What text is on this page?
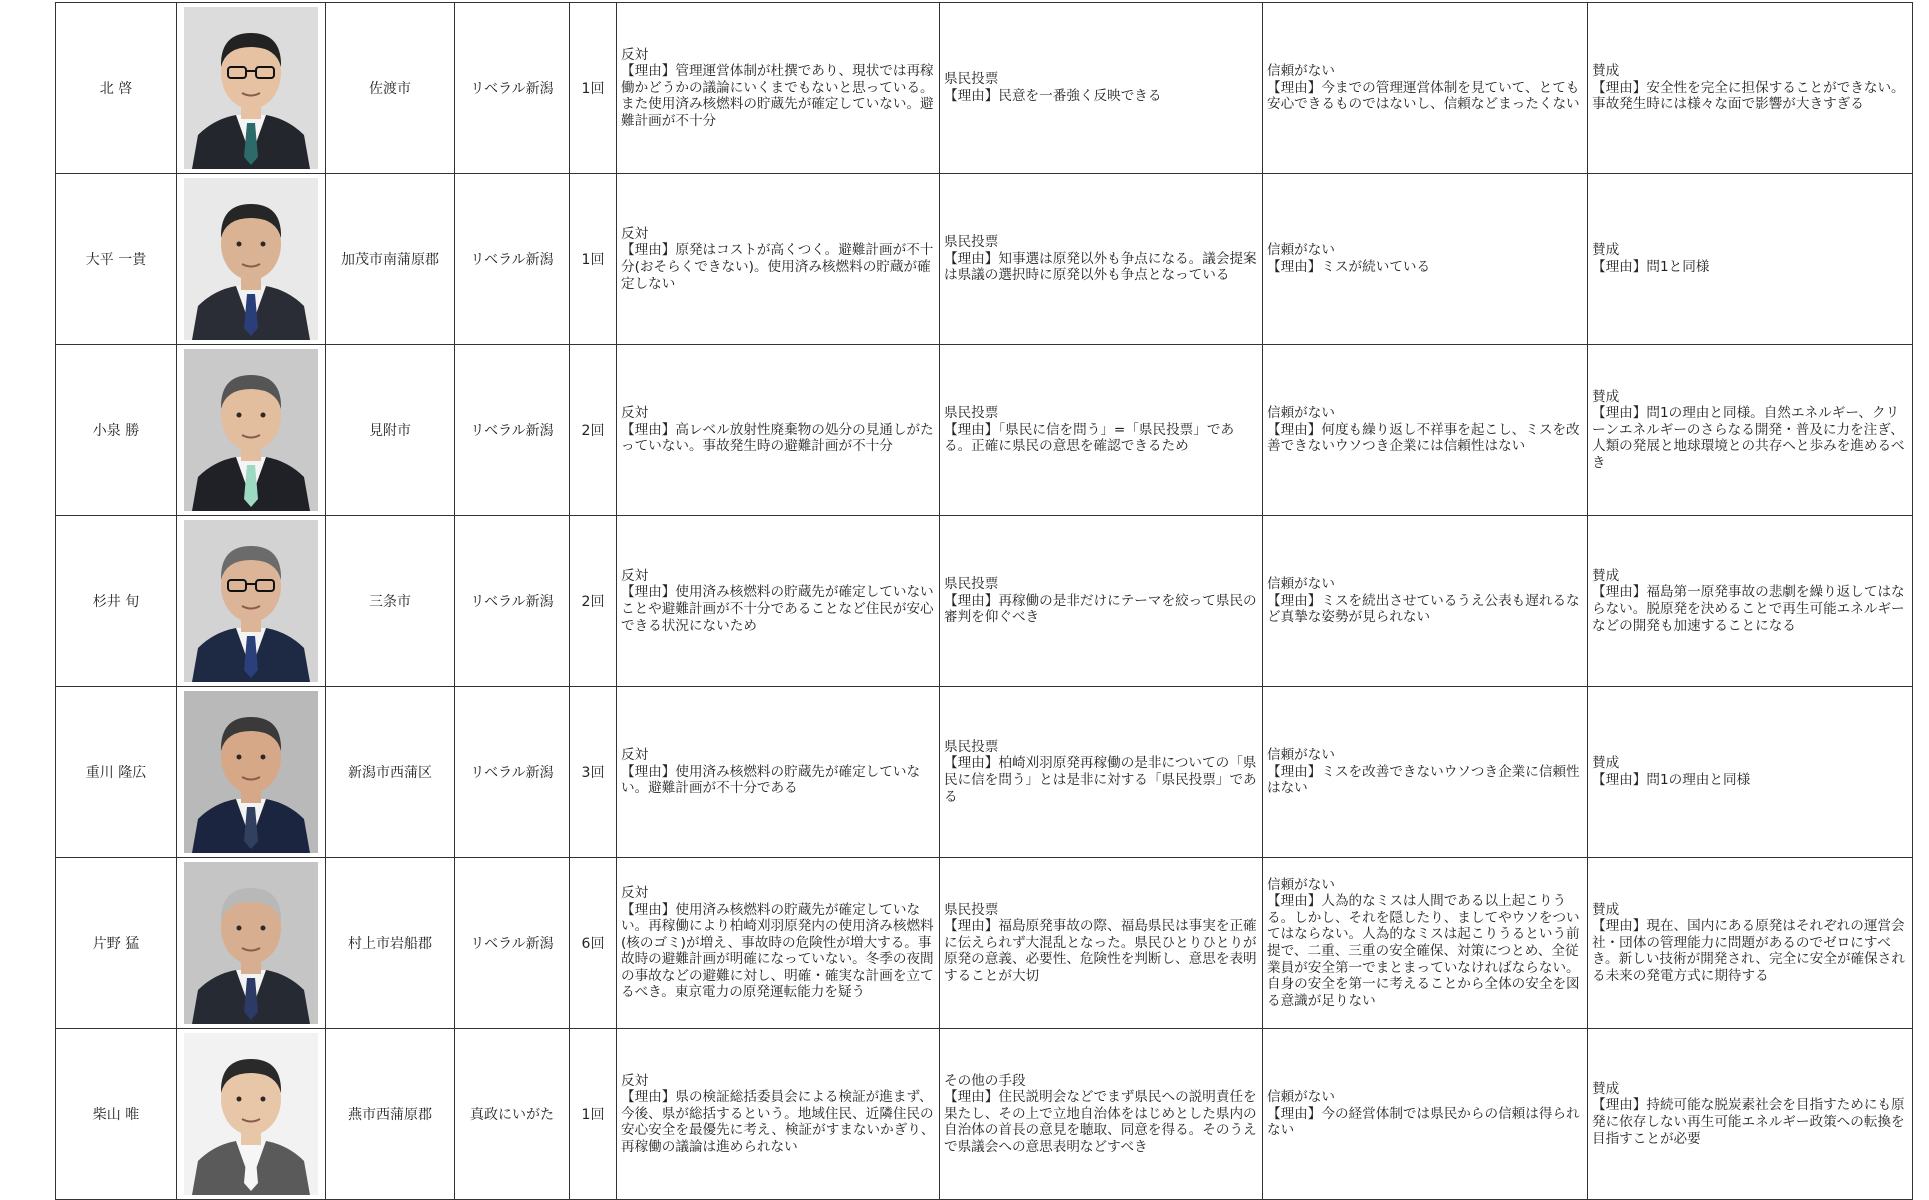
北 啓		佐渡市	リベラル新潟	1回	反対
【理由】管理運営体制が杜撰であり、現状では再稼働かどうかの議論にいくまでもないと思っている。また使用済み核燃料の貯蔵先が確定していない。避難計画が不十分	県民投票
【理由】民意を一番強く反映できる	信頼がない
【理由】今までの管理運営体制を見ていて、とても安心できるものではないし、信頼などまったくない	賛成
【理由】安全性を完全に担保することができない。事故発生時には様々な面で影響が大きすぎる

大平 一貴		加茂市南蒲原郡	リベラル新潟	1回	反対
【理由】原発はコストが高くつく。避難計画が不十分(おそらくできない)。使用済み核燃料の貯蔵が確定しない	県民投票
【理由】知事選は原発以外も争点になる。議会提案は県議の選択時に原発以外も争点となっている	信頼がない
【理由】ミスが続いている	賛成
【理由】問1と同様

小泉 勝		見附市	リベラル新潟	2回	反対
【理由】高レベル放射性廃棄物の処分の見通しがたっていない。事故発生時の避難計画が不十分	県民投票
【理由】「県民に信を問う」=「県民投票」である。正確に県民の意思を確認できるため	信頼がない
【理由】何度も繰り返し不祥事を起こし、ミスを改善できないウソつき企業には信頼性はない	賛成
【理由】問1の理由と同様。自然エネルギー、クリーンエネルギーのさらなる開発・普及に力を注ぎ、人類の発展と地球環境との共存へと歩みを進めるべき

杉井 旬		三条市	リベラル新潟	2回	反対
【理由】使用済み核燃料の貯蔵先が確定していないことや避難計画が不十分であることなど住民が安心できる状況にないため	県民投票
【理由】再稼働の是非だけにテーマを絞って県民の審判を仰ぐべき	信頼がない
【理由】ミスを続出させているうえ公表も遅れるなど真摯な姿勢が見られない	賛成
【理由】福島第一原発事故の悲劇を繰り返してはならない。脱原発を決めることで再生可能エネルギーなどの開発も加速することになる

重川 隆広		新潟市西蒲区	リベラル新潟	3回	反対
【理由】使用済み核燃料の貯蔵先が確定していない。避難計画が不十分である	県民投票
【理由】柏崎刈羽原発再稼働の是非についての「県民に信を問う」とは是非に対する「県民投票」である	信頼がない
【理由】ミスを改善できないウソつき企業に信頼性はない	賛成
【理由】問1の理由と同様

片野 猛		村上市岩船郡	リベラル新潟	6回	反対
【理由】使用済み核燃料の貯蔵先が確定していない。再稼働により柏崎刈羽原発内の使用済み核燃料(核のゴミ)が増え、事故時の危険性が増大する。事故時の避難計画が明確になっていない。冬季の夜間の事故などの避難に対し、明確・確実な計画を立てるべき。東京電力の原発運転能力を疑う	県民投票
【理由】福島原発事故の際、福島県民は事実を正確に伝えられず大混乱となった。県民ひとりひとりが原発の意義、必要性、危険性を判断し、意思を表明することが大切	信頼がない
【理由】人為的なミスは人間である以上起こりうる。しかし、それを隠したり、ましてやウソをついてはならない。人為的なミスは起こりうるという前提で、二重、三重の安全確保、対策につとめ、全従業員が安全第一でまとまっていなければならない。自身の安全を第一に考えることから全体の安全を図る意識が足りない	賛成
【理由】現在、国内にある原発はそれぞれの運営会社・団体の管理能力に問題があるのでゼロにすべき。新しい技術が開発され、完全に安全が確保される未来の発電方式に期待する

柴山 唯		燕市西蒲原郡	真政にいがた	1回	反対
【理由】県の検証総括委員会による検証が進まず、今後、県が総括するという。地域住民、近隣住民の安心安全を最優先に考え、検証がすまないかぎり、再稼働の議論は進められない	その他の手段
【理由】住民説明会などでまず県民への説明責任を果たし、その上で立地自治体をはじめとした県内の自治体の首長の意見を聴取、同意を得る。そのうえで県議会への意思表明などすべき	信頼がない
【理由】今の経営体制では県民からの信頼は得られない	賛成
【理由】持続可能な脱炭素社会を目指すためにも原発に依存しない再生可能エネルギー政策への転換を目指すことが必要
